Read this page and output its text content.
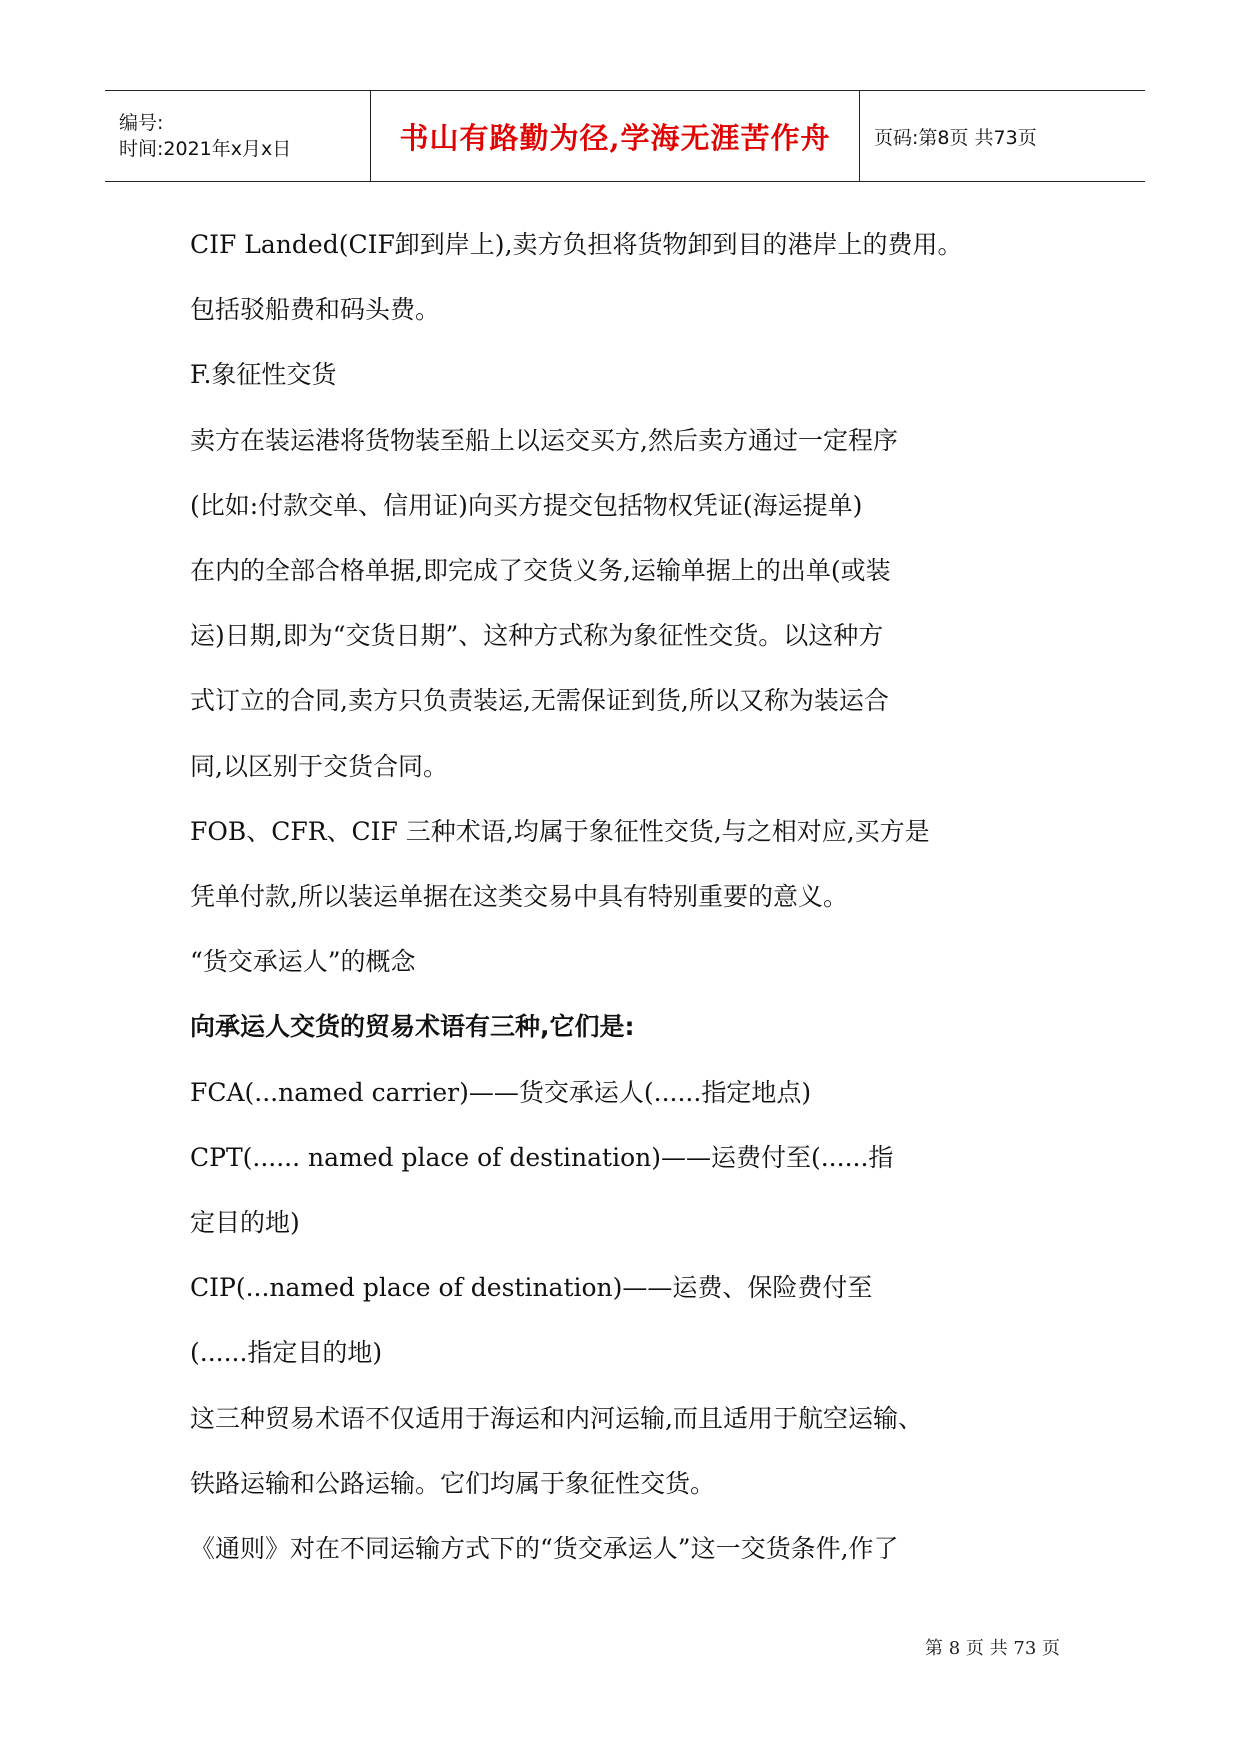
编号:
时间:2021年x月x日	书山有路勤为径,学海无涯苦作舟	页码:第8页 共73页

CIF Landed(CIF卸到岸上),卖方负担将货物卸到目的港岸上的费用。

包括驳船费和码头费。

F.象征性交货

卖方在装运港将货物装至船上以运交买方,然后卖方通过一定程序

(比如:付款交单、信用证)向买方提交包括物权凭证(海运提单)

在内的全部合格单据,即完成了交货义务,运输单据上的出单(或装

运)日期,即为“交货日期”、这种方式称为象征性交货。以这种方

式订立的合同,卖方只负责装运,无需保证到货,所以又称为装运合

同,以区别于交货合同。

FOB、CFR、CIF 三种术语,均属于象征性交货,与之相对应,买方是

凭单付款,所以装运单据在这类交易中具有特别重要的意义。

“货交承运人”的概念

向承运人交货的贸易术语有三种,它们是:

FCA(...named carrier)——货交承运人(......指定地点)

CPT(...... named place of destination)——运费付至(......指

定目的地)

CIP(...named place of destination)——运费、保险费付至

(......指定目的地)

这三种贸易术语不仅适用于海运和内河运输,而且适用于航空运输、

铁路运输和公路运输。它们均属于象征性交货。

《通则》对在不同运输方式下的“货交承运人”这一交货条件,作了

第 8 页 共 73 页
